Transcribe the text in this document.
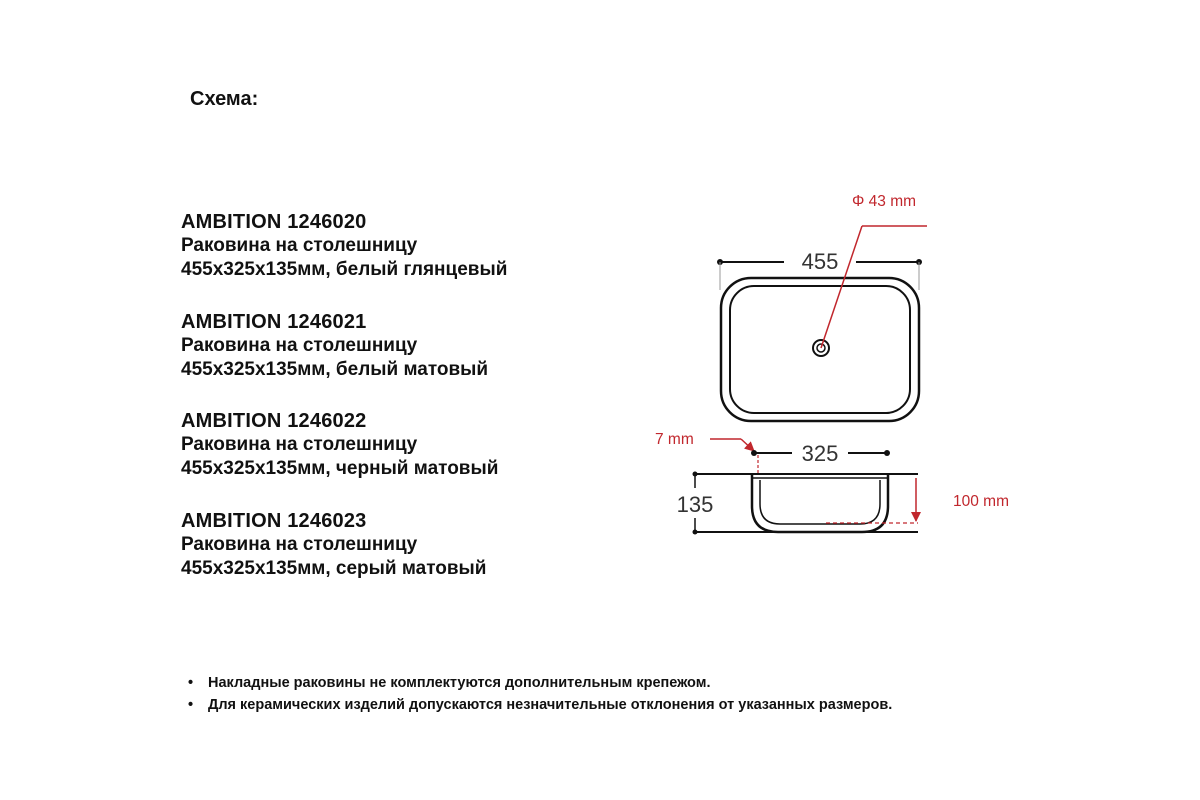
Схема:
AMBITION 1246020
Раковина на столешницу
455х325х135мм, белый глянцевый
AMBITION 1246021
Раковина на столешницу
455х325х135мм, белый матовый
AMBITION 1246022
Раковина на столешницу
455х325х135мм, черный матовый
AMBITION 1246023
Раковина на столешницу
455х325х135мм, серый матовый
455
Φ 43 mm
7 mm
325
135	100 mm
• Накладные раковины не комплектуются дополнительным крепежом.
• Для керамических изделий допускаются незначительные отклонения от указанных размеров.
